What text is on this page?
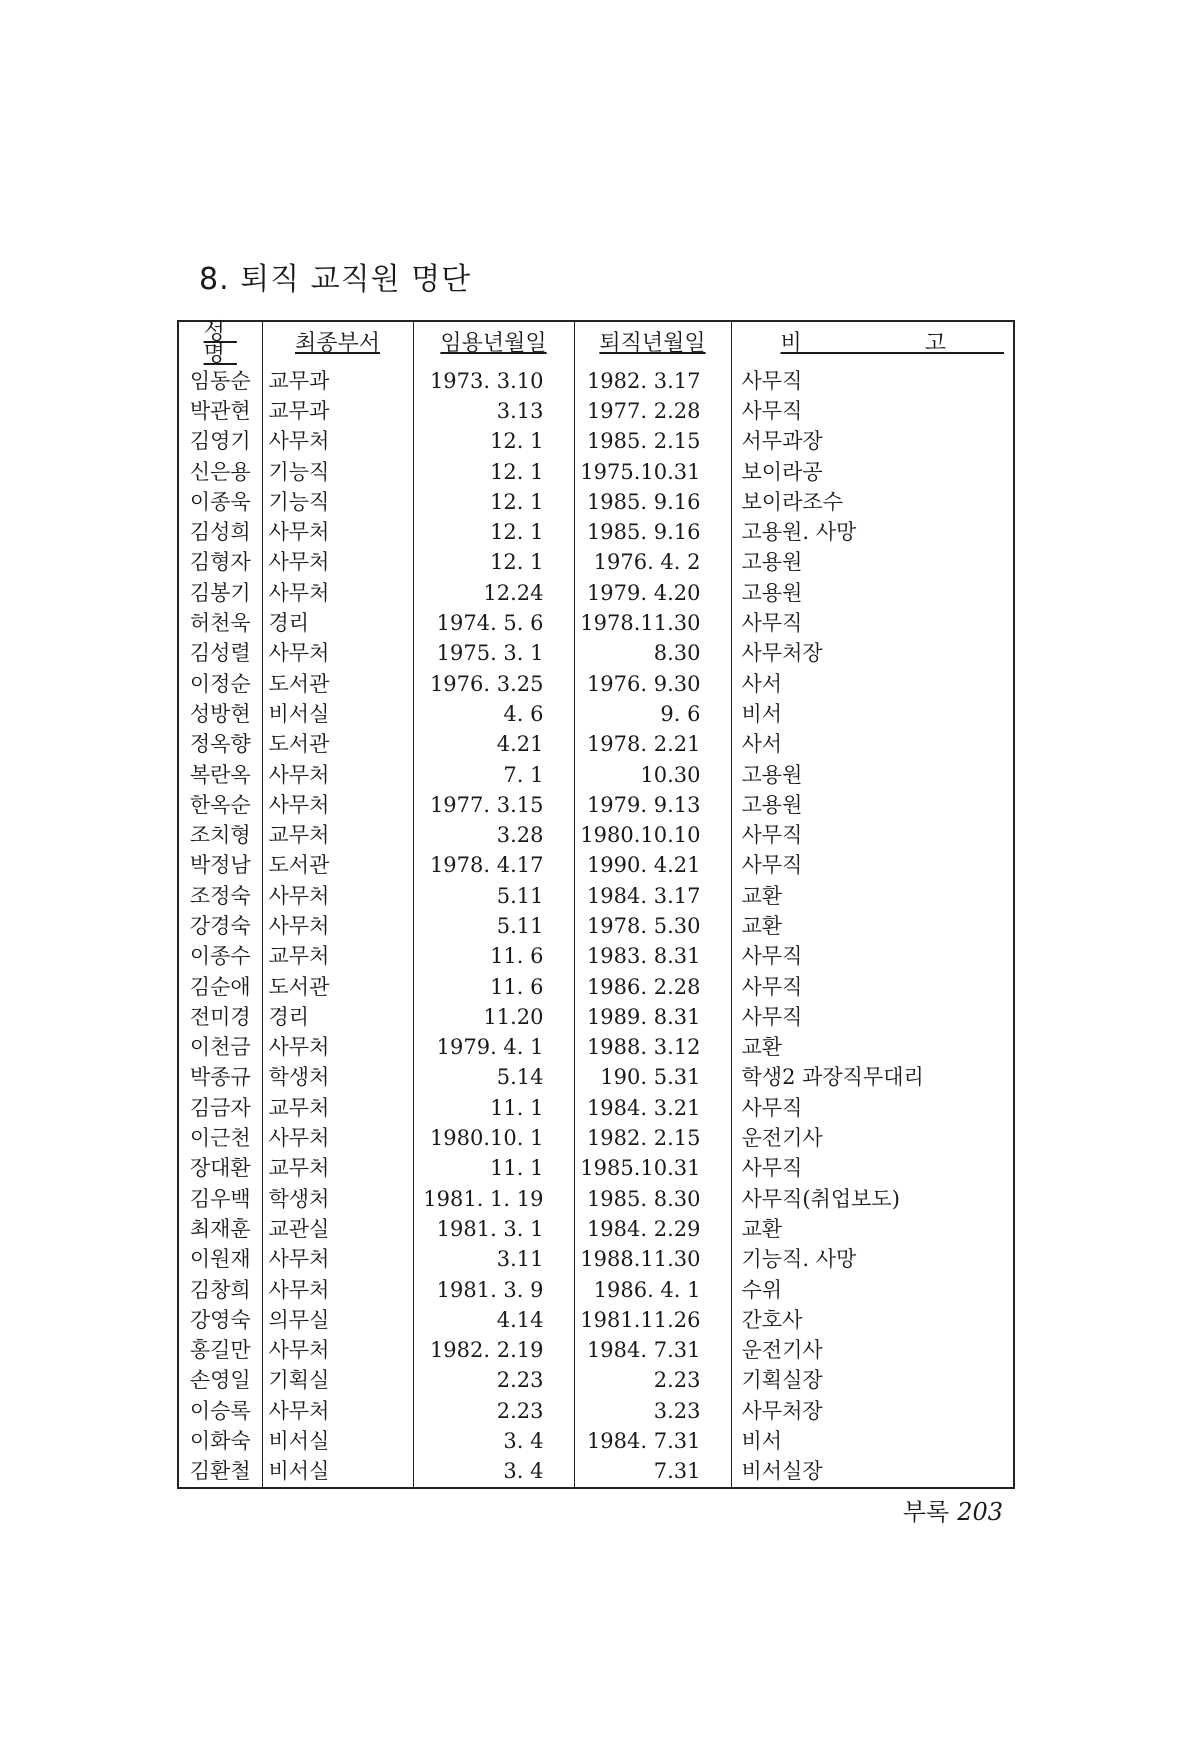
8. 퇴직 교직원 명단
성 명	최종부서	임용년월일	퇴직년월일	비 고
임동순	교무과	1973. 3.10	1982. 3.17	사무직
박관현	교무과	3.13	1977. 2.28	사무직
김영기	사무처	12. 1	1985. 2.15	서무과장
신은용	기능직	12. 1	1975.10.31	보이라공
이종욱	기능직	12. 1	1985. 9.16	보이라조수
김성희	사무처	12. 1	1985. 9.16	고용원. 사망
김형자	사무처	12. 1	1976. 4. 2	고용원
김봉기	사무처	12.24	1979. 4.20	고용원
허천욱	경리	1974. 5. 6	1978.11.30	사무직
김성렬	사무처	1975. 3. 1	8.30	사무처장
이정순	도서관	1976. 3.25	1976. 9.30	사서
성방현	비서실	4. 6	9. 6	비서
정옥향	도서관	4.21	1978. 2.21	사서
복란옥	사무처	7. 1	10.30	고용원
한옥순	사무처	1977. 3.15	1979. 9.13	고용원
조치형	교무처	3.28	1980.10.10	사무직
박정남	도서관	1978. 4.17	1990. 4.21	사무직
조정숙	사무처	5.11	1984. 3.17	교환
강경숙	사무처	5.11	1978. 5.30	교환
이종수	교무처	11. 6	1983. 8.31	사무직
김순애	도서관	11. 6	1986. 2.28	사무직
전미경	경리	11.20	1989. 8.31	사무직
이천금	사무처	1979. 4. 1	1988. 3.12	교환
박종규	학생처	5.14	190. 5.31	학생2 과장직무대리
김금자	교무처	11. 1	1984. 3.21	사무직
이근천	사무처	1980.10. 1	1982. 2.15	운전기사
장대환	교무처	11. 1	1985.10.31	사무직
김우백	학생처	1981. 1. 19	1985. 8.30	사무직(취업보도)
최재훈	교관실	1981. 3. 1	1984. 2.29	교환
이원재	사무처	3.11	1988.11.30	기능직. 사망
김창희	사무처	1981. 3. 9	1986. 4. 1	수위
강영숙	의무실	4.14	1981.11.26	간호사
홍길만	사무처	1982. 2.19	1984. 7.31	운전기사
손영일	기획실	2.23	2.23	기획실장
이승록	사무처	2.23	3.23	사무처장
이화숙	비서실	3. 4	1984. 7.31	비서
김환철	비서실	3. 4	7.31	비서실장
부록 203
